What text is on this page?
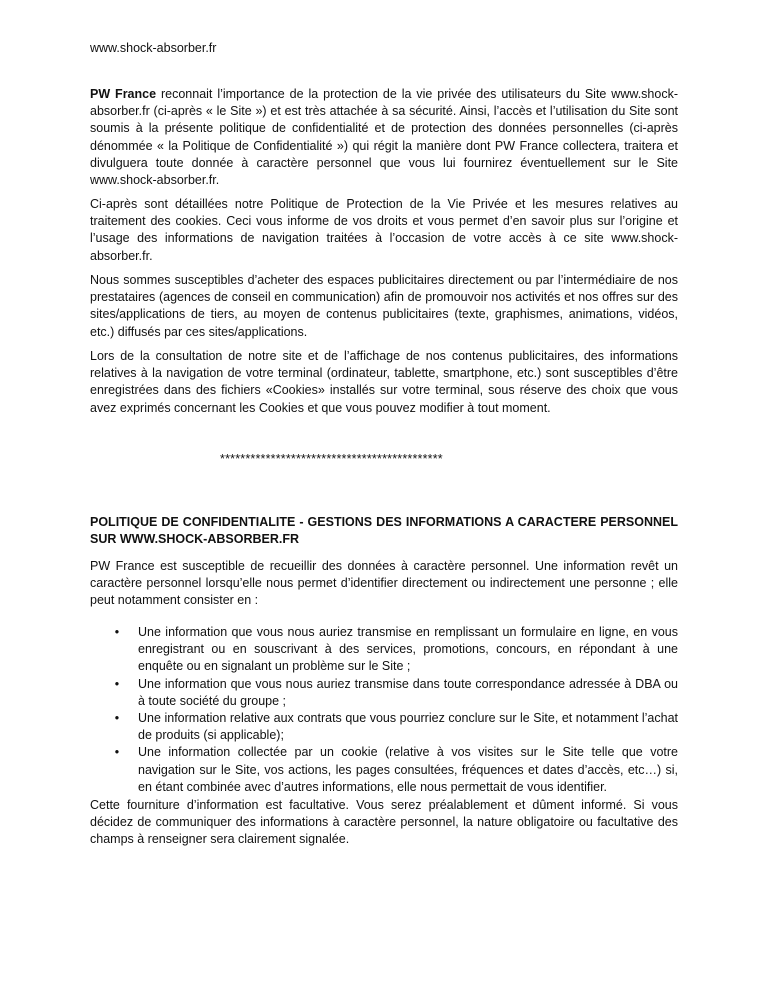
www.shock-absorber.fr

PW France reconnait l’importance de la protection de la vie privée des utilisateurs du Site www.shock-absorber.fr (ci-après « le Site ») et est très attachée à sa sécurité. Ainsi, l’accès et l’utilisation du Site sont soumis à la présente politique de confidentialité et de protection des données personnelles (ci-après dénommée « la Politique de Confidentialité ») qui régit la manière dont PW France collectera, traitera et divulguera toute donnée à caractère personnel que vous lui fournirez éventuellement sur le Site www.shock-absorber.fr.

Ci-après sont détaillées notre Politique de Protection de la Vie Privée et les mesures relatives au traitement des cookies. Ceci vous informe de vos droits et vous permet d’en savoir plus sur l’origine et l’usage des informations de navigation traitées à l’occasion de votre accès à ce site www.shock-absorber.fr.

Nous sommes susceptibles d’acheter des espaces publicitaires directement ou par l’intermédiaire de nos prestataires (agences de conseil en communication) afin de promouvoir nos activités et nos offres sur des sites/applications de tiers, au moyen de contenus publicitaires (texte, graphismes, animations, vidéos, etc.) diffusés par ces sites/applications.

Lors de la consultation de notre site et de l’affichage de nos contenus publicitaires, des informations relatives à la navigation de votre terminal (ordinateur, tablette, smartphone, etc.) sont susceptibles d’être enregistrées dans des fichiers «Cookies» installés sur votre terminal, sous réserve des choix que vous avez exprimés concernant les Cookies et que vous pouvez modifier à tout moment.

********************************************

POLITIQUE DE CONFIDENTIALITE - GESTIONS DES INFORMATIONS A CARACTERE PERSONNEL SUR WWW.SHOCK-ABSORBER.FR

PW France est susceptible de recueillir des données à caractère personnel. Une information revêt un caractère personnel lorsqu’elle nous permet d’identifier directement ou indirectement une personne ; elle peut notamment consister en :

• Une information que vous nous auriez transmise en remplissant un formulaire en ligne, en vous enregistrant ou en souscrivant à des services, promotions, concours, en répondant à une enquête ou en signalant un problème sur le Site ;
• Une information que vous nous auriez transmise dans toute correspondance adressée à DBA ou à toute société du groupe ;
• Une information relative aux contrats que vous pourriez conclure sur le Site, et notamment l’achat de produits (si applicable);
• Une information collectée par un cookie (relative à vos visites sur le Site telle que votre navigation sur le Site, vos actions, les pages consultées, fréquences et dates d’accès, etc…) si, en étant combinée avec d’autres informations, elle nous permettait de vous identifier.

Cette fourniture d’information est facultative. Vous serez préalablement et dûment informé. Si vous décidez de communiquer des informations à caractère personnel, la nature obligatoire ou facultative des champs à renseigner sera clairement signalée.
